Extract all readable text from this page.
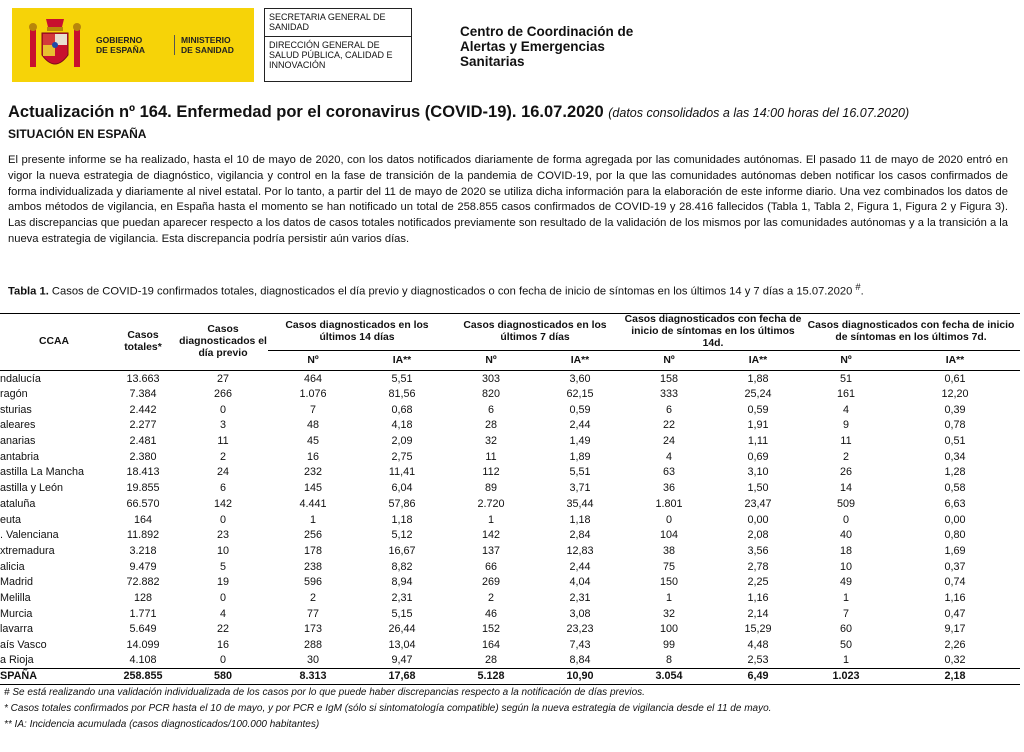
GOBIERNO
DE ESPAÑA
MINISTERIO
DE SANIDAD
SECRETARIA GENERAL DE SANIDAD
DIRECCIÓN GENERAL DE SALUD PÚBLICA, CALIDAD E INNOVACIÓN
Centro de Coordinación de
Alertas y Emergencias
Sanitarias
Actualización nº 164. Enfermedad por el coronavirus (COVID-19). 16.07.2020 (datos consolidados a las 14:00 horas del 16.07.2020)
SITUACIÓN EN ESPAÑA

El presente informe se ha realizado, hasta el 10 de mayo de 2020, con los datos notificados diariamente de forma agregada por las comunidades autónomas. El pasado 11 de mayo de 2020 entró en vigor la nueva estrategia de diagnóstico, vigilancia y control en la fase de transición de la pandemia de COVID-19, por la que las comunidades autónomas deben notificar los casos confirmados de forma individualizada y diariamente al nivel estatal. Por lo tanto, a partir del 11 de mayo de 2020 se utiliza dicha información para la elaboración de este informe diario. Una vez combinados los datos de ambos métodos de vigilancia, en España hasta el momento se han notificado un total de 258.855 casos confirmados de COVID-19 y 28.416 fallecidos (Tabla 1, Tabla 2, Figura 1, Figura 2 y Figura 3). Las discrepancias que puedan aparecer respecto a los datos de casos totales notificados previamente son resultado de la validación de los mismos por las comunidades autónomas y a la transición a la nueva estrategia de vigilancia. Esta discrepancia podría persistir aún varios días.

Tabla 1. Casos de COVID-19 confirmados totales, diagnosticados el día previo y diagnosticados o con fecha de inicio de síntomas en los últimos 14 y 7 días a 15.07.2020 #.
CCAA	Casos totales*	Casos diagnosticados el día previo	Casos diagnosticados en los últimos 14 días		Casos diagnosticados en los últimos 7 días		Casos diagnosticados con fecha de inicio de síntomas en los últimos 14d.		Casos diagnosticados con fecha de inicio de síntomas en los últimos 7d.	
			Nº	IA**	Nº	IA**	Nº	IA**	Nº	IA**
ndalucía	13.663	27	464	5,51	303	3,60	158	1,88	51	0,61
ragón	7.384	266	1.076	81,56	820	62,15	333	25,24	161	12,20
sturias	2.442	0	7	0,68	6	0,59	6	0,59	4	0,39
aleares	2.277	3	48	4,18	28	2,44	22	1,91	9	0,78
anarias	2.481	11	45	2,09	32	1,49	24	1,11	11	0,51
antabria	2.380	2	16	2,75	11	1,89	4	0,69	2	0,34
astilla La Mancha	18.413	24	232	11,41	112	5,51	63	3,10	26	1,28
astilla y León	19.855	6	145	6,04	89	3,71	36	1,50	14	0,58
ataluña	66.570	142	4.441	57,86	2.720	35,44	1.801	23,47	509	6,63
euta	164	0	1	1,18	1	1,18	0	0,00	0	0,00
. Valenciana	11.892	23	256	5,12	142	2,84	104	2,08	40	0,80
xtremadura	3.218	10	178	16,67	137	12,83	38	3,56	18	1,69
alicia	9.479	5	238	8,82	66	2,44	75	2,78	10	0,37
Madrid	72.882	19	596	8,94	269	4,04	150	2,25	49	0,74
Melilla	128	0	2	2,31	2	2,31	1	1,16	1	1,16
Murcia	1.771	4	77	5,15	46	3,08	32	2,14	7	0,47
lavarra	5.649	22	173	26,44	152	23,23	100	15,29	60	9,17
aís Vasco	14.099	16	288	13,04	164	7,43	99	4,48	50	2,26
a Rioja	4.108	0	30	9,47	28	8,84	8	2,53	1	0,32
SPAÑA	258.855	580	8.313	17,68	5.128	10,90	3.054	6,49	1.023	2,18
# Se está realizando una validación individualizada de los casos por lo que puede haber discrepancias respecto a la notificación de días previos.
* Casos totales confirmados por PCR hasta el 10 de mayo, y por PCR e IgM (sólo si sintomatología compatible) según la nueva estrategia de vigilancia desde el 11 de mayo.
** IA: Incidencia acumulada (casos diagnosticados/100.000 habitantes)
